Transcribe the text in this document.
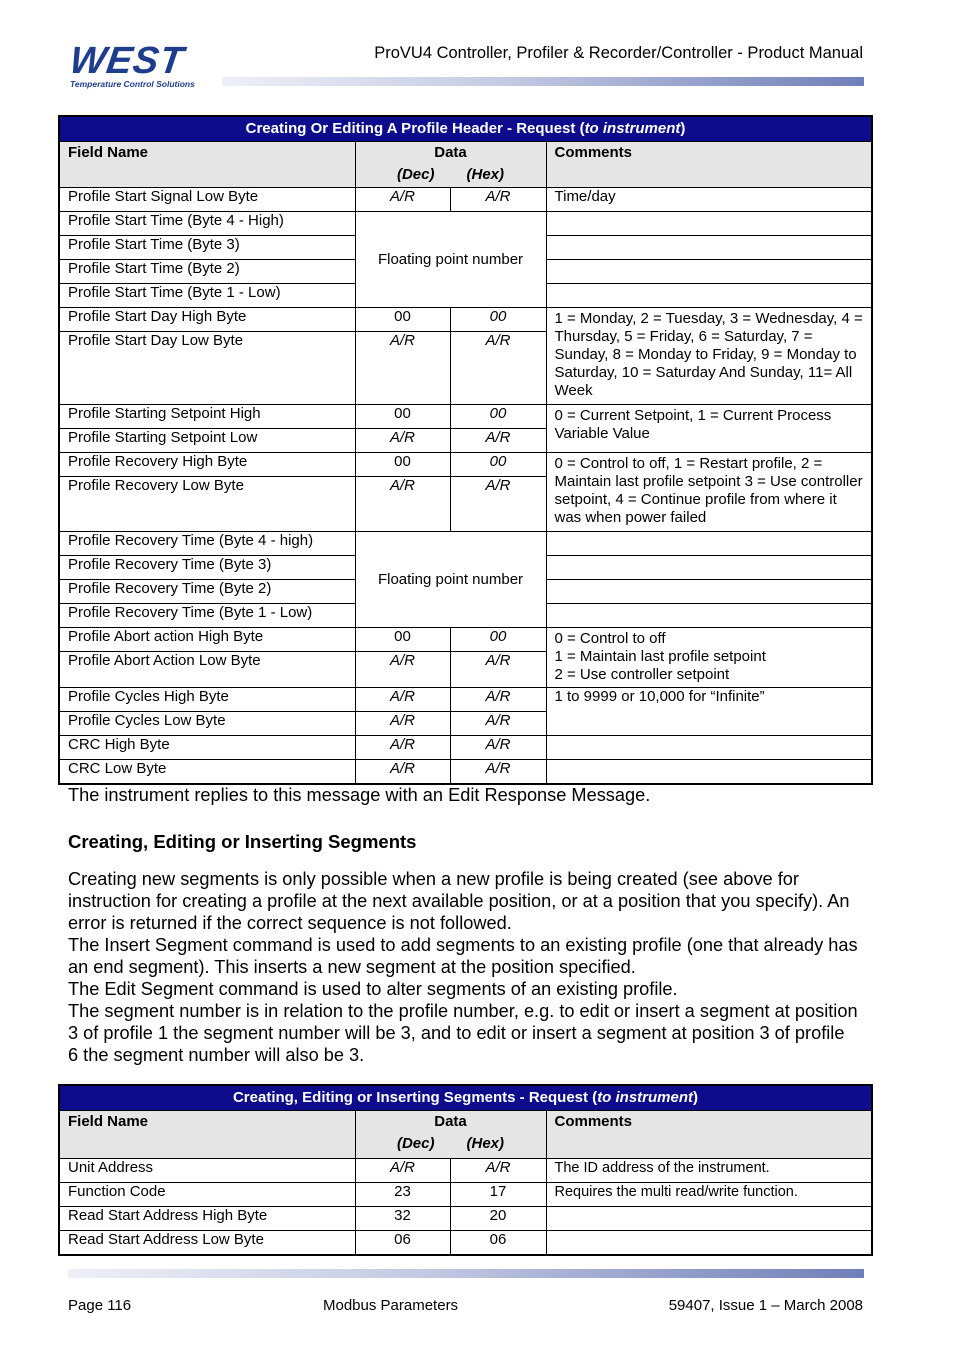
WEST
Temperature Control Solutions
ProVU4 Controller, Profiler & Recorder/Controller - Product Manual
Creating Or Editing A Profile Header - Request (to instrument)			
Field Name	Data
(Dec) (Hex)		Comments
Profile Start Signal Low Byte	A/R	A/R	Time/day
Profile Start Time (Byte 4 - High)	Floating point number		
Profile Start Time (Byte 3)			
Profile Start Time (Byte 2)			
Profile Start Time (Byte 1 - Low)			
Profile Start Day High Byte	00	00	1 = Monday, 2 = Tuesday, 3 = Wednesday, 4 = Thursday, 5 = Friday, 6 = Saturday, 7 = Sunday, 8 = Monday to Friday, 9 = Monday to Saturday, 10 = Saturday And Sunday, 11= All Week
Profile Start Day Low Byte	A/R	A/R	
Profile Starting Setpoint High	00	00	0 = Current Setpoint, 1 = Current Process Variable Value
Profile Starting Setpoint Low	A/R	A/R	
Profile Recovery High Byte	00	00	0 = Control to off, 1 = Restart profile, 2 = Maintain last profile setpoint 3 = Use controller setpoint, 4 = Continue profile from where it was when power failed
Profile Recovery Low Byte	A/R	A/R	
Profile Recovery Time (Byte 4 - high)	Floating point number		
Profile Recovery Time (Byte 3)			
Profile Recovery Time (Byte 2)			
Profile Recovery Time (Byte 1 - Low)			
Profile Abort action High Byte	00	00	0 = Control to off
1 = Maintain last profile setpoint
2 = Use controller setpoint

Profile Abort Action Low Byte	A/R	A/R	
Profile Cycles High Byte	A/R	A/R	1 to 9999 or 10,000 for “Infinite”
Profile Cycles Low Byte	A/R	A/R	
CRC High Byte	A/R	A/R	
CRC Low Byte	A/R	A/R	
The instrument replies to this message with an Edit Response Message.
Creating, Editing or Inserting Segments
Creating new segments is only possible when a new profile is being created (see above for instruction for creating a profile at the next available position, or at a position that you specify). An error is returned if the correct sequence is not followed.
The Insert Segment command is used to add segments to an existing profile (one that already has an end segment). This inserts a new segment at the position specified.
The Edit Segment command is used to alter segments of an existing profile.
The segment number is in relation to the profile number, e.g. to edit or insert a segment at position 3 of profile 1 the segment number will be 3, and to edit or insert a segment at position 3 of profile 6 the segment number will also be 3.
Creating, Editing or Inserting Segments - Request (to instrument)			
Field Name	Data
(Dec) (Hex)		Comments
Unit Address	A/R	A/R	The ID address of the instrument.
Function Code	23	17	Requires the multi read/write function.
Read Start Address High Byte	32	20	
Read Start Address Low Byte	06	06	
Page 116	Modbus Parameters	59407, Issue 1 – March 2008
